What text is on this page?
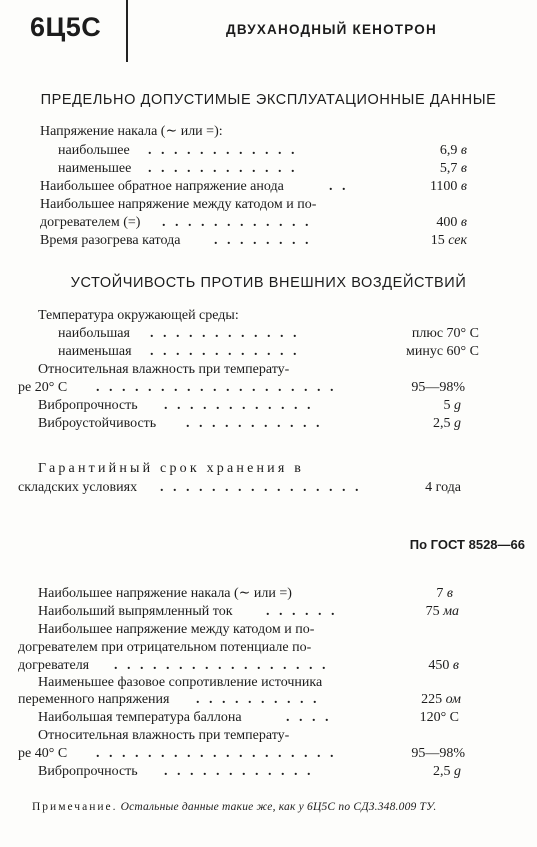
6Ц5С	ДВУХАНОДНЫЙ КЕНОТРОН
ПРЕДЕЛЬНО ДОПУСТИМЫЕ ЭКСПЛУАТАЦИОННЫЕ ДАННЫЕ
Напряжение накала (∼ или =):
наибольшее . . . . . . . . . . . .	6,9 в
наименьшее . . . . . . . . . . . .	5,7 в
Наибольшее обратное напряжение анода	. .	1100 в
Наибольшее напряжение между катодом и по-
догревателем (=) . . . . . . . . . . . .	400 в
Время разогрева катода . . . . . . . .	15 сек
УСТОЙЧИВОСТЬ ПРОТИВ ВНЕШНИХ ВОЗДЕЙСТВИЙ
Температура окружающей среды:
наибольшая . . . . . . . . . . . .	плюс 70° С
наименьшая . . . . . . . . . . . .	минус 60° С
Относительная влажность при температу-
ре 20° С . . . . . . . . . . . . . . . . . . .	95—98%
Вибропрочность . . . . . . . . . . . .	5 g
Виброустойчивость . . . . . . . . . . .	2,5 g
Гарантийный срок хранения в
складских условиях . . . . . . . . . . . . . . . .	4 года
По ГОСТ 8528—66
Наибольшее напряжение накала (∼ или =)	7 в
Наибольший выпрямленный ток . . . . . .	75 ма
Наибольшее напряжение между катодом и по-
догревателем при отрицательном потенциале по-
догревателя . . . . . . . . . . . . . . . . .	450 в
Наименьшее фазовое сопротивление источника
переменного напряжения . . . . . . . . . .	225 ом
Наибольшая температура баллона	. . . .	120° С
Относительная влажность при температу-
ре 40° С . . . . . . . . . . . . . . . . . . .	95—98%
Вибропрочность . . . . . . . . . . . .	2,5 g
Примечание. Остальные данные такие же, как у 6Ц5С по СДЗ.348.009 ТУ.
